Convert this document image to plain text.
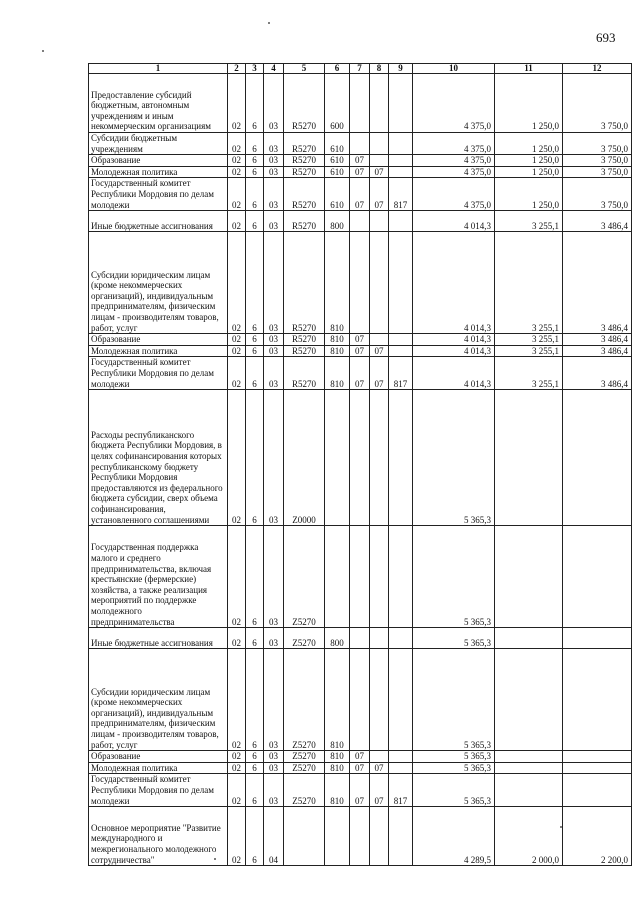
693
1	2	3	4	5	6	7	8	9	10	11	12
Предоставление субсидий бюджетным, автономным учреждениям и иным некоммерческим организациям	02	6	03	R5270	600				4 375,0	1 250,0	3 750,0
Субсидии бюджетным учреждениям	02	6	03	R5270	610				4 375,0	1 250,0	3 750,0
Образование	02	6	03	R5270	610	07			4 375,0	1 250,0	3 750,0
Молодежная политика	02	6	03	R5270	610	07	07		4 375,0	1 250,0	3 750,0
Государственный комитет Республики Мордовия по делам молодежи	02	6	03	R5270	610	07	07	817	4 375,0	1 250,0	3 750,0
Иные бюджетные ассигнования	02	6	03	R5270	800				4 014,3	3 255,1	3 486,4
Субсидии юридическим лицам (кроме некоммерческих организаций), индивидуальным предпринимателям, физическим лицам - производителям товаров, работ, услуг	02	6	03	R5270	810				4 014,3	3 255,1	3 486,4
Образование	02	6	03	R5270	810	07			4 014,3	3 255,1	3 486,4
Молодежная политика	02	6	03	R5270	810	07	07		4 014,3	3 255,1	3 486,4
Государственный комитет Республики Мордовия по делам молодежи	02	6	03	R5270	810	07	07	817	4 014,3	3 255,1	3 486,4
Расходы республиканского бюджета Республики Мордовия, в целях софинансирования которых республиканскому бюджету Республики Мордовия предоставляются из федерального бюджета субсидии, сверх объема софинансирования, установленного соглашениями	02	6	03	Z0000					5 365,3		
Государственная поддержка малого и среднего предпринимательства, включая крестьянские (фермерские) хозяйства, а также реализация мероприятий по поддержке молодежного предпринимательства	02	6	03	Z5270					5 365,3		
Иные бюджетные ассигнования	02	6	03	Z5270	800				5 365,3		
Субсидии юридическим лицам (кроме некоммерческих организаций), индивидуальным предпринимателям, физическим лицам - производителям товаров, работ, услуг	02	6	03	Z5270	810				5 365,3		
Образование	02	6	03	Z5270	810	07			5 365,3		
Молодежная политика	02	6	03	Z5270	810	07	07		5 365,3		
Государственный комитет Республики Мордовия по делам молодежи	02	6	03	Z5270	810	07	07	817	5 365,3		
Основное мероприятие "Развитие международного и межрегионального молодежного сотрудничества"	02	6	04						4 289,5	2 000,0	2 200,0
